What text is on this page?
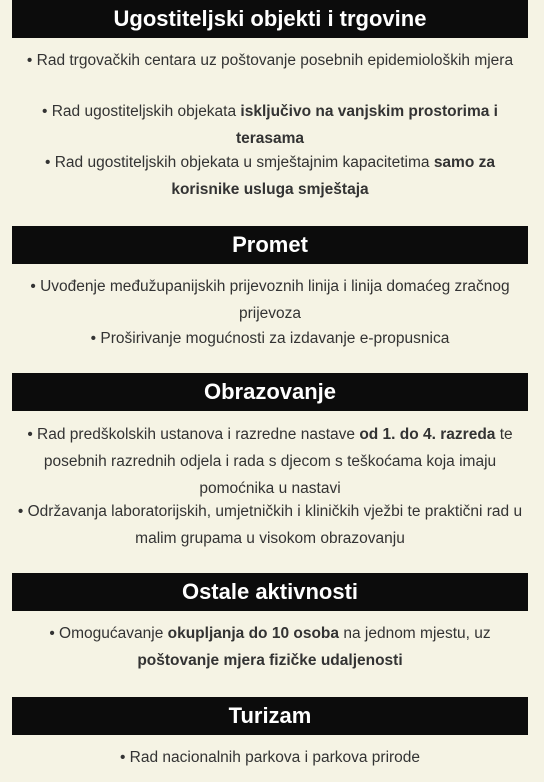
Ugostiteljski objekti i trgovine
• Rad trgovačkih centara uz poštovanje posebnih epidemioloških mjera
• Rad ugostiteljskih objekata isključivo na vanjskim prostorima i terasama
• Rad ugostiteljskih objekata u smještajnim kapacitetima samo za korisnike usluga smještaja
Promet
• Uvođenje međužupanijskih prijevoznih linija i linija domaćeg zračnog prijevoza
• Proširivanje mogućnosti za izdavanje e-propusnica
Obrazovanje
• Rad predškolskih ustanova i razredne nastave od 1. do 4. razreda te posebnih razrednih odjela i rada s djecom s teškoćama koja imaju pomoćnika u nastavi
• Održavanja laboratorijskih, umjetničkih i kliničkih vježbi te praktični rad u malim grupama u visokom obrazovanju
Ostale aktivnosti
• Omogućavanje okupljanja do 10 osoba na jednom mjestu, uz poštovanje mjera fizičke udaljenosti
Turizam
• Rad nacionalnih parkova i parkova prirode
